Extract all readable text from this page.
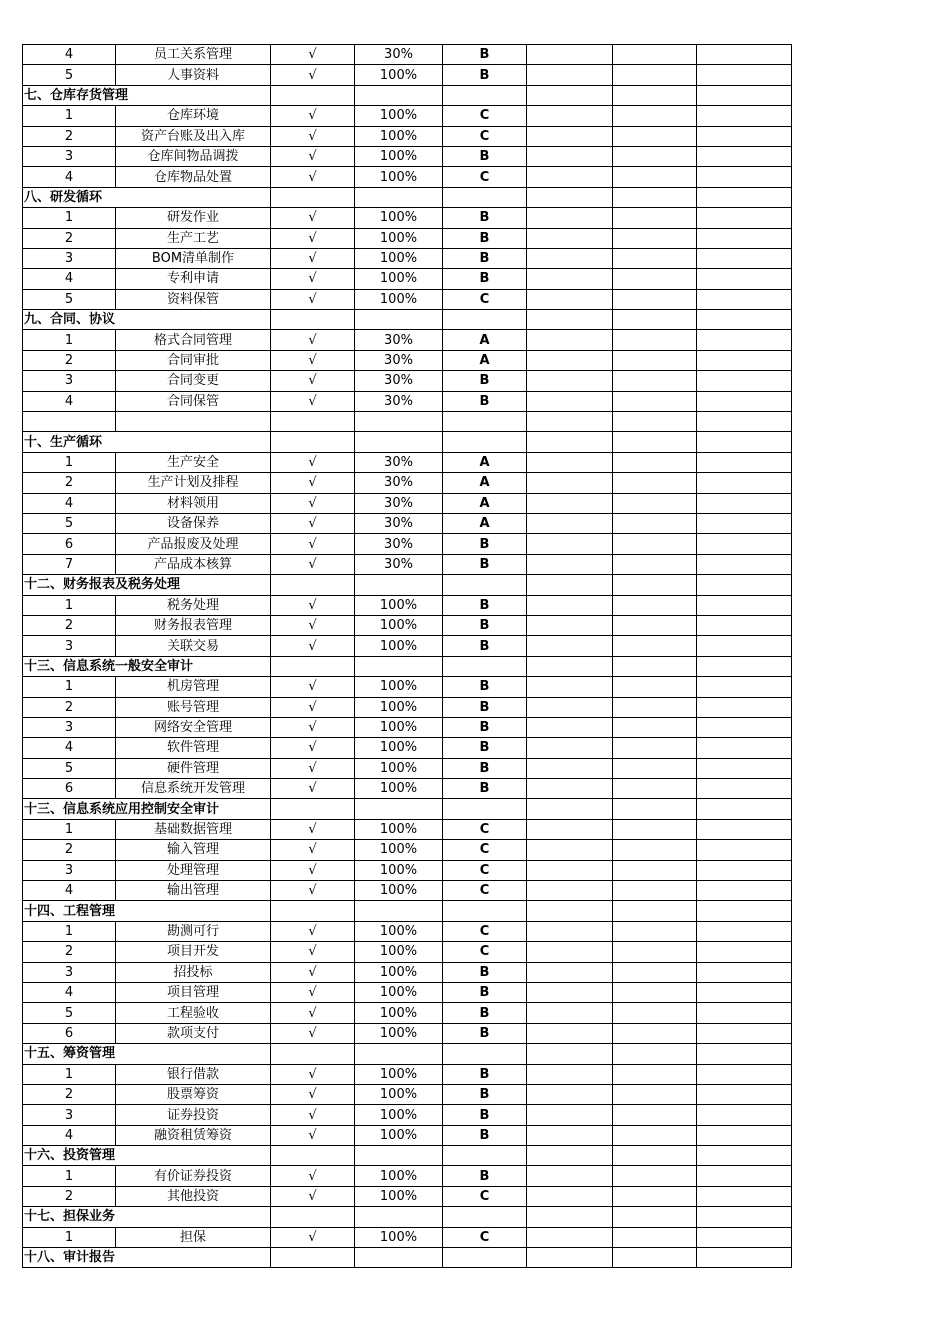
4	员工关系管理	√	30%	B			
5	人事资料	√	100%	B			
七、仓库存货管理							
1	仓库环境	√	100%	C			
2	资产台账及出入库	√	100%	C			
3	仓库间物品调拨	√	100%	B			
4	仓库物品处置	√	100%	C			
八、研发循环							
1	研发作业	√	100%	B			
2	生产工艺	√	100%	B			
3	BOM清单制作	√	100%	B			
4	专利申请	√	100%	B			
5	资料保管	√	100%	C			
九、合同、协议							
1	格式合同管理	√	30%	A			
2	合同审批	√	30%	A			
3	合同变更	√	30%	B			
4	合同保管	√	30%	B			

十、生产循环							
1	生产安全	√	30%	A			
2	生产计划及排程	√	30%	A			
4	材料领用	√	30%	A			
5	设备保养	√	30%	A			
6	产品报废及处理	√	30%	B			
7	产品成本核算	√	30%	B			
十二、财务报表及税务处理							
1	税务处理	√	100%	B			
2	财务报表管理	√	100%	B			
3	关联交易	√	100%	B			
十三、信息系统一般安全审计							
1	机房管理	√	100%	B			
2	账号管理	√	100%	B			
3	网络安全管理	√	100%	B			
4	软件管理	√	100%	B			
5	硬件管理	√	100%	B			
6	信息系统开发管理	√	100%	B			
十三、信息系统应用控制安全审计							
1	基础数据管理	√	100%	C			
2	输入管理	√	100%	C			
3	处理管理	√	100%	C			
4	输出管理	√	100%	C			
十四、工程管理							
1	勘测可行	√	100%	C			
2	项目开发	√	100%	C			
3	招投标	√	100%	B			
4	项目管理	√	100%	B			
5	工程验收	√	100%	B			
6	款项支付	√	100%	B			
十五、筹资管理							
1	银行借款	√	100%	B			
2	股票筹资	√	100%	B			
3	证券投资	√	100%	B			
4	融资租赁筹资	√	100%	B			
十六、投资管理							
1	有价证券投资	√	100%	B			
2	其他投资	√	100%	C			
十七、担保业务							
1	担保	√	100%	C			
十八、审计报告							
